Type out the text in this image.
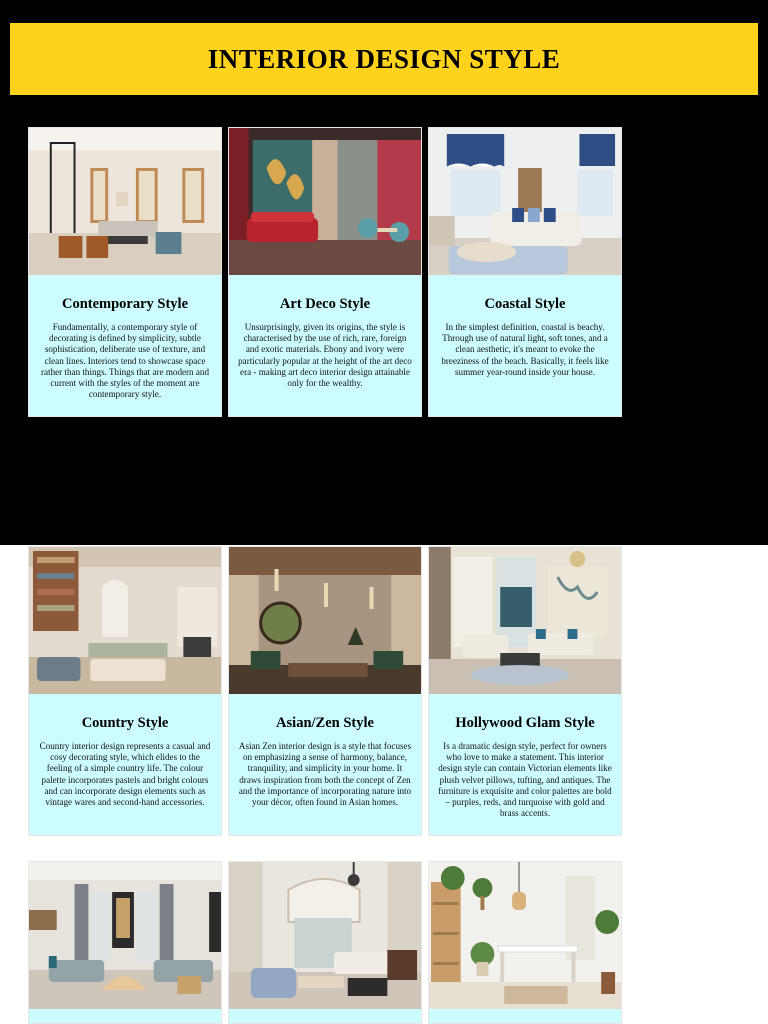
INTERIOR DESIGN STYLE
Contemporary Style
Fundamentally, a contemporary style of decorating is defined by simplicity, subtle sophistication, deliberate use of texture, and clean lines. Interiors tend to showcase space rather than things. Things that are modern and current with the styles of the moment are contemporary style.
Art Deco Style
Unsurprisingly, given its origins, the style is characterised by the use of rich, rare, foreign and exotic materials. Ebony and ivory were particularly popular at the height of the art deco era - making art deco interior design attainable only for the wealthy.
Coastal Style
In the simplest definition, coastal is beachy. Through use of natural light, soft tones, and a clean aesthetic, it's meant to evoke the breeziness of the beach. Basically, it feels like summer year-round inside your house.
Country Style
Country interior design represents a casual and cosy decorating style, which elides to the feeling of a simple country life. The colour palette incorporates pastels and bright colours and can incorporate design elements such as vintage wares and second-hand accessories.
Asian/Zen Style
Asian Zen interior design is a style that focuses on emphasizing a sense of harmony, balance, tranquility, and simplicity in your home. It draws inspiration from both the concept of Zen and the importance of incorporating nature into your décor, often found in Asian homes.
Hollywood Glam Style
Is a dramatic design style, perfect for owners who love to make a statement. This interior design style can contain Victorian elements like plush velvet pillows, tufting, and antiques. The furniture is exquisite and color palettes are bold – purples, reds, and turquoise with gold and brass accents.
